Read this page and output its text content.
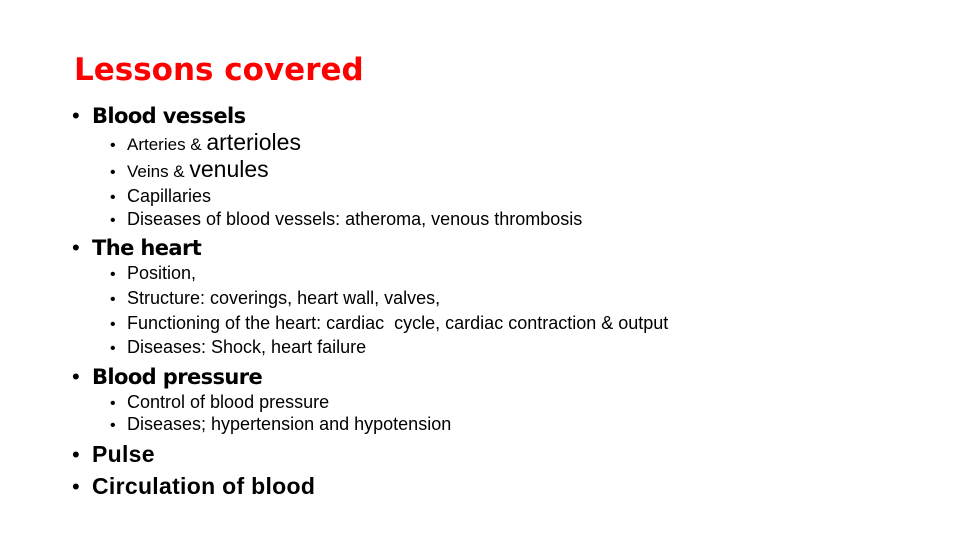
Lessons covered
• Blood vessels
• Arteries & arterioles
• Veins & venules
• Capillaries
• Diseases of blood vessels: atheroma, venous thrombosis
• The heart
• Position,
• Structure: coverings, heart wall, valves,
• Functioning of the heart: cardiac  cycle, cardiac contraction & output
• Diseases: Shock, heart failure
• Blood pressure
• Control of blood pressure
• Diseases; hypertension and hypotension
• Pulse
• Circulation of blood
